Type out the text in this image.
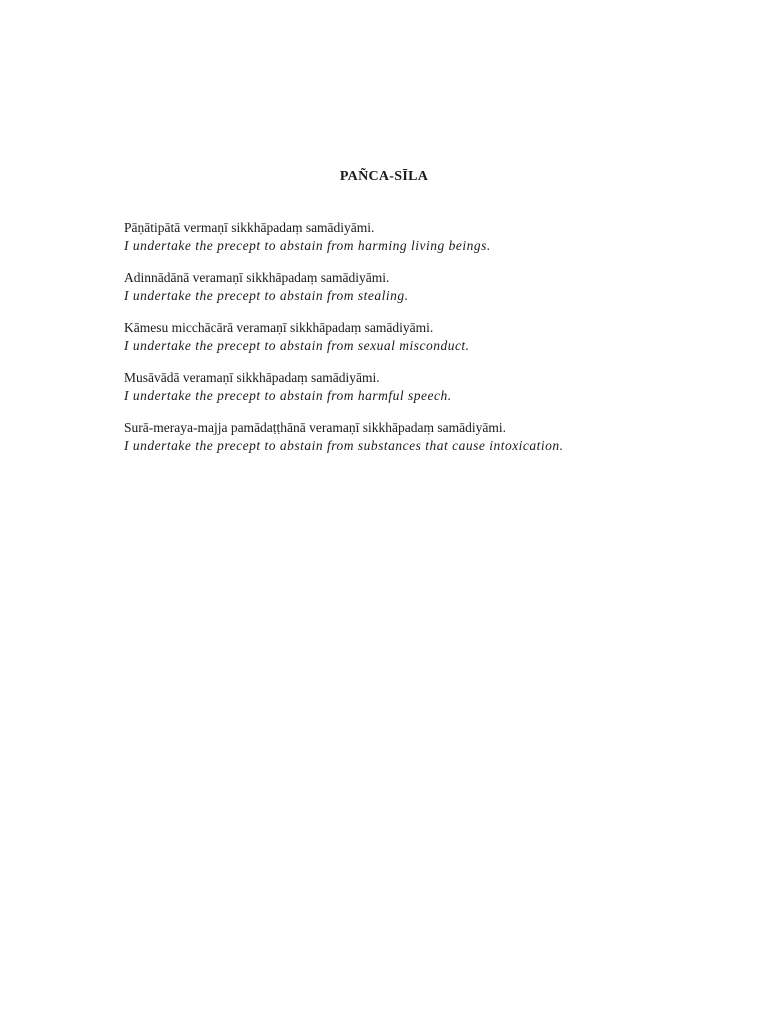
PAÑCA-SĪLA
Pāṇātipātā vermaṇī sikkhāpadaṃ samādiyāmi.
I undertake the precept to abstain from harming living beings.
Adinnādānā veramaṇī sikkhāpadaṃ samādiyāmi.
I undertake the precept to abstain from stealing.
Kāmesu micchācārā veramaṇī sikkhāpadaṃ samādiyāmi.
I undertake the precept to abstain from sexual misconduct.
Musāvādā veramaṇī sikkhāpadaṃ samādiyāmi.
I undertake the precept to abstain from harmful speech.
Surā-meraya-majja pamādaṭṭhānā veramaṇī sikkhāpadaṃ samādiyāmi.
I undertake the precept to abstain from substances that cause intoxication.
